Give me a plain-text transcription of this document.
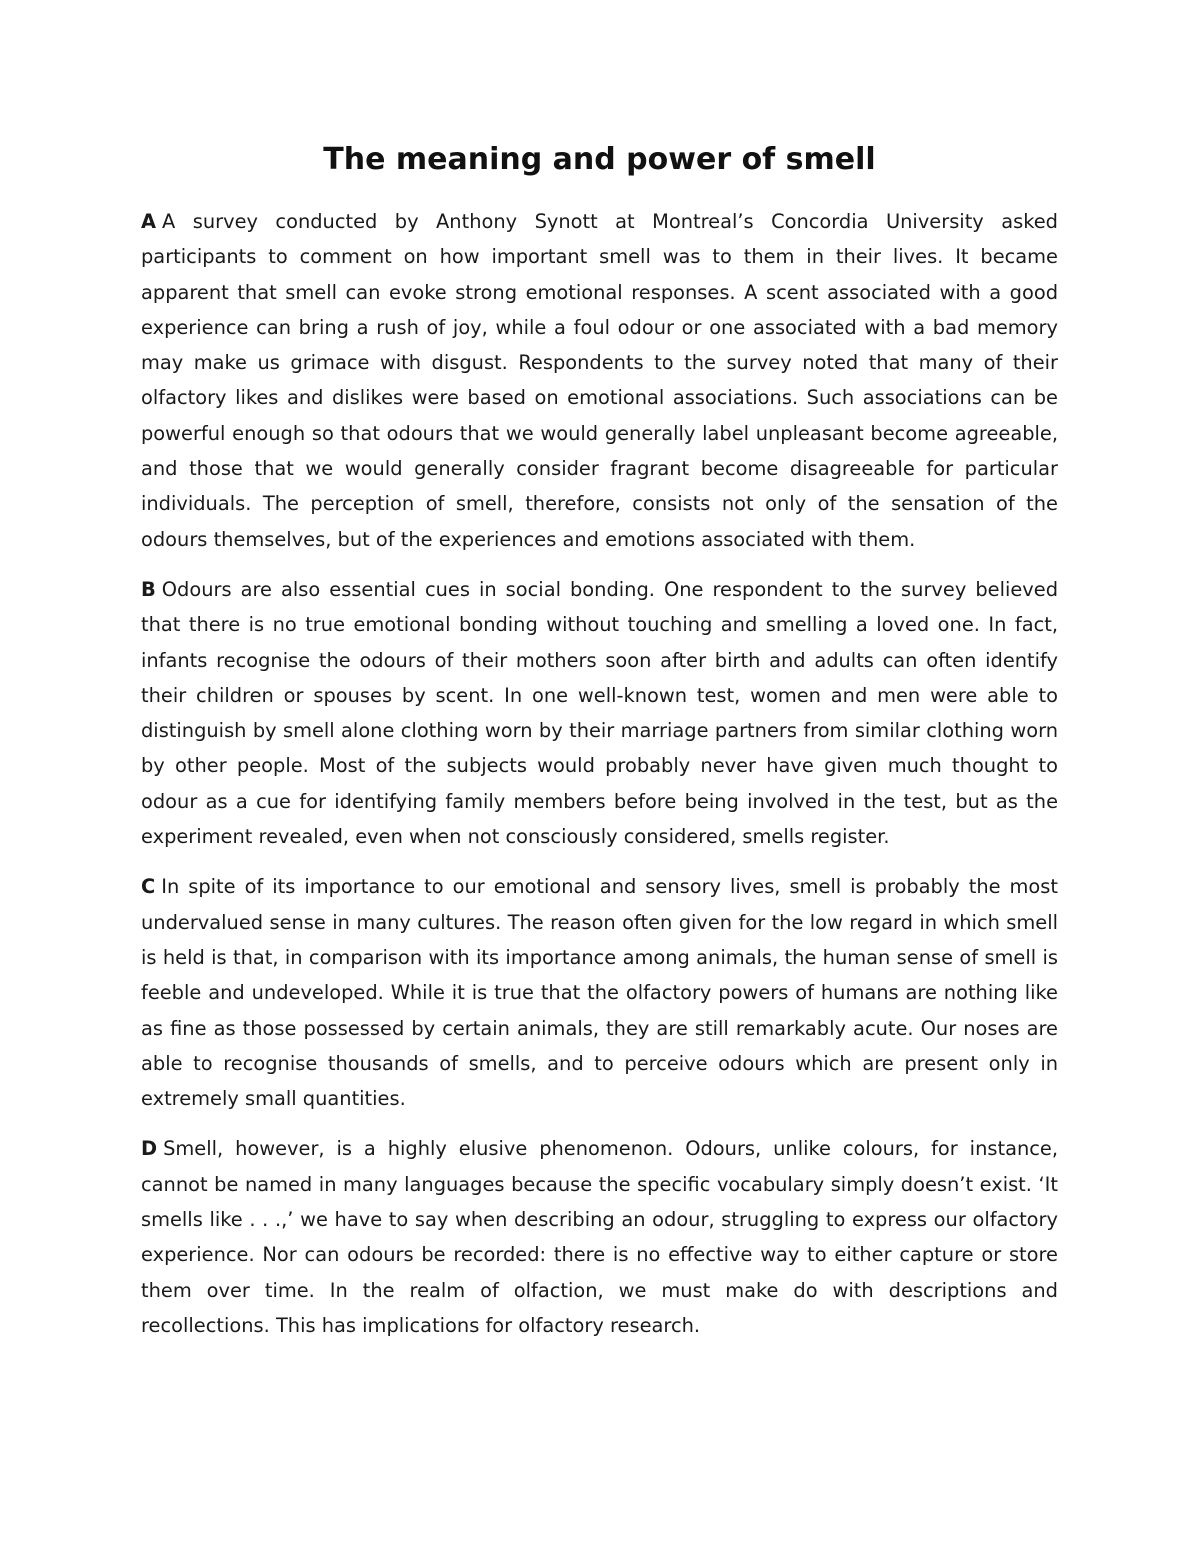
The meaning and power of smell

A A survey conducted by Anthony Synott at Montreal’s Concordia University asked participants to comment on how important smell was to them in their lives. It became apparent that smell can evoke strong emotional responses. A scent associated with a good experience can bring a rush of joy, while a foul odour or one associated with a bad memory may make us grimace with disgust. Respondents to the survey noted that many of their olfactory likes and dislikes were based on emotional associations. Such associations can be powerful enough so that odours that we would generally label unpleasant become agreeable, and those that we would generally consider fragrant become disagreeable for particular individuals. The perception of smell, therefore, consists not only of the sensation of the odours themselves, but of the experiences and emotions associated with them.

B Odours are also essential cues in social bonding. One respondent to the survey believed that there is no true emotional bonding without touching and smelling a loved one. In fact, infants recognise the odours of their mothers soon after birth and adults can often identify their children or spouses by scent. In one well-known test, women and men were able to distinguish by smell alone clothing worn by their marriage partners from similar clothing worn by other people. Most of the subjects would probably never have given much thought to odour as a cue for identifying family members before being involved in the test, but as the experiment revealed, even when not consciously considered, smells register.

C In spite of its importance to our emotional and sensory lives, smell is probably the most undervalued sense in many cultures. The reason often given for the low regard in which smell is held is that, in comparison with its importance among animals, the human sense of smell is feeble and undeveloped. While it is true that the olfactory powers of humans are nothing like as fine as those possessed by certain animals, they are still remarkably acute. Our noses are able to recognise thousands of smells, and to perceive odours which are present only in extremely small quantities.

D Smell, however, is a highly elusive phenomenon. Odours, unlike colours, for instance, cannot be named in many languages because the specific vocabulary simply doesn’t exist. ‘It smells like . . .,’ we have to say when describing an odour, struggling to express our olfactory experience. Nor can odours be recorded: there is no effective way to either capture or store them over time. In the realm of olfaction, we must make do with descriptions and recollections. This has implications for olfactory research.
